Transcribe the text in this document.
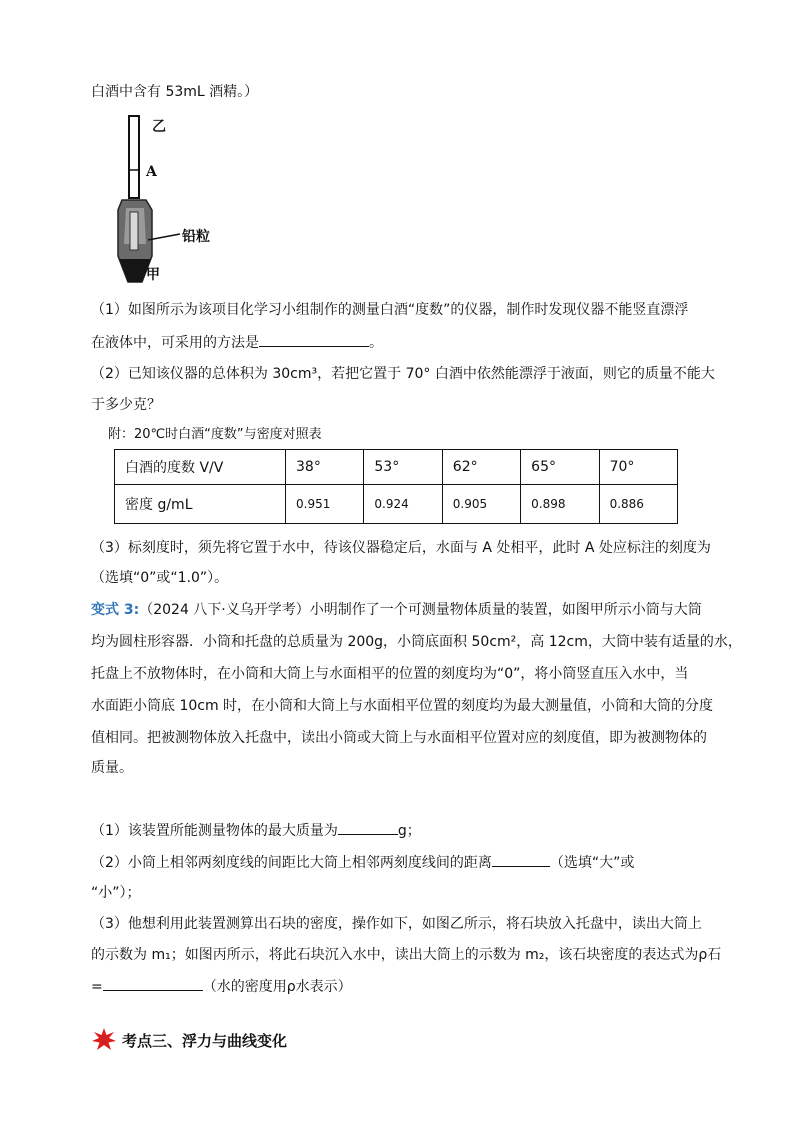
白酒中含有 53mL 酒精。）
乙
A
铅粒
甲
（1）如图所示为该项目化学习小组制作的测量白酒“度数”的仪器，制作时发现仪器不能竖直漂浮
在液体中，可采用的方法是	。
（2）已知该仪器的总体积为 30cm³，若把它置于 70° 白酒中依然能漂浮于液面，则它的质量不能大
于多少克？
附：20℃时白酒“度数”与密度对照表
白酒的度数 V/V	38°	53°	62°	65°	70°
密度 g/mL	0.951	0.924	0.905	0.898	0.886
（3）标刻度时，须先将它置于水中，待该仪器稳定后，水面与 A 处相平，此时 A 处应标注的刻度为
（选填“0”或“1.0”）。
变式 3:（2024 八下·义乌开学考）小明制作了一个可测量物体质量的装置，如图甲所示小筒与大筒
均为圆柱形容器．小筒和托盘的总质量为 200g，小筒底面积 50cm²，高 12cm，大筒中装有适量的水，
托盘上不放物体时，在小筒和大筒上与水面相平的位置的刻度均为“0”，将小筒竖直压入水中，当
水面距小筒底 10cm 时，在小筒和大筒上与水面相平位置的刻度均为最大测量值，小筒和大筒的分度
值相同。把被测物体放入托盘中，读出小筒或大筒上与水面相平位置对应的刻度值，即为被测物体的
质量。
（1）该装置所能测量物体的最大质量为	g；
（2）小筒上相邻两刻度线的间距比大筒上相邻两刻度线间的距离	（选填“大”或
“小”）；
（3）他想利用此装置测算出石块的密度，操作如下，如图乙所示，将石块放入托盘中，读出大筒上
的示数为 m₁；如图丙所示，将此石块沉入水中，读出大筒上的示数为 m₂，该石块密度的表达式为ρ石
=	（水的密度用ρ水表示）
考点三、浮力与曲线变化
